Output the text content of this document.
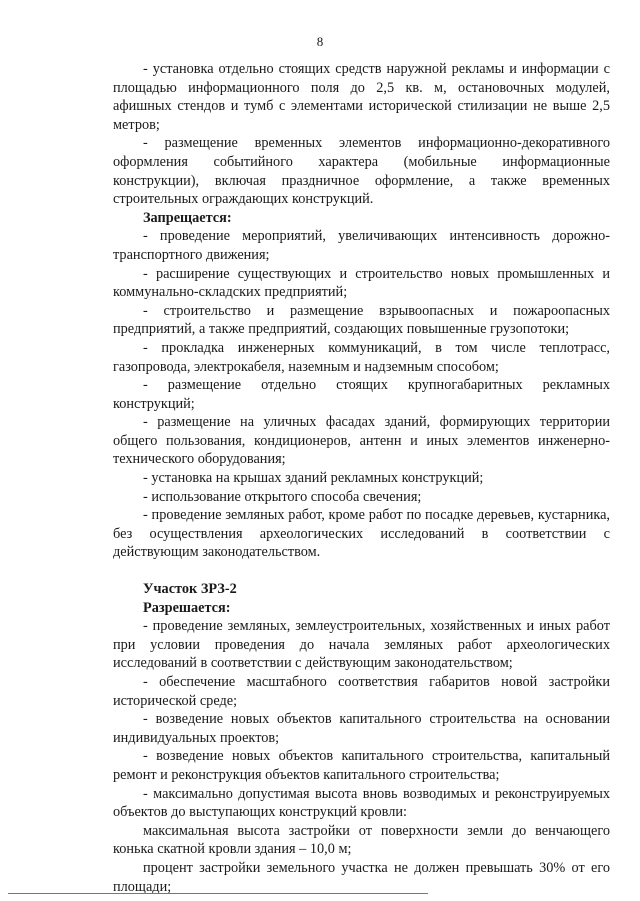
8

- установка отдельно стоящих средств наружной рекламы и информации с площадью информационного поля до 2,5 кв. м, остановочных модулей, афишных стендов и тумб с элементами исторической стилизации не выше 2,5 метров;

- размещение временных элементов информационно-декоративного оформления событийного характера (мобильные информационные конструкции), включая праздничное оформление, а также временных строительных ограждающих конструкций.

Запрещается:

- проведение мероприятий, увеличивающих интенсивность дорожно-транспортного движения;

- расширение существующих и строительство новых промышленных и коммунально-складских предприятий;

- строительство и размещение взрывоопасных и пожароопасных предприятий, а также предприятий, создающих повышенные грузопотоки;

- прокладка инженерных коммуникаций, в том числе теплотрасс, газопровода, электрокабеля, наземным и надземным способом;

- размещение отдельно стоящих крупногабаритных рекламных конструкций;

- размещение на уличных фасадах зданий, формирующих территории общего пользования, кондиционеров, антенн и иных элементов инженерно-технического оборудования;

- установка на крышах зданий рекламных конструкций;

- использование открытого способа свечения;

- проведение земляных работ, кроме работ по посадке деревьев, кустарника, без осуществления археологических исследований в соответствии с действующим законодательством.

Участок ЗРЗ-2

Разрешается:

- проведение земляных, землеустроительных, хозяйственных и иных работ при условии проведения до начала земляных работ археологических исследований в соответствии с действующим законодательством;

- обеспечение масштабного соответствия габаритов новой застройки исторической среде;

- возведение новых объектов капитального строительства на основании индивидуальных проектов;

- возведение новых объектов капитального строительства, капитальный ремонт и реконструкция объектов капитального строительства;

- максимально допустимая высота вновь возводимых и реконструируемых объектов до выступающих конструкций кровли:

максимальная высота застройки от поверхности земли до венчающего конька скатной кровли здания – 10,0 м;

процент застройки земельного участка не должен превышать 30% от его площади;
